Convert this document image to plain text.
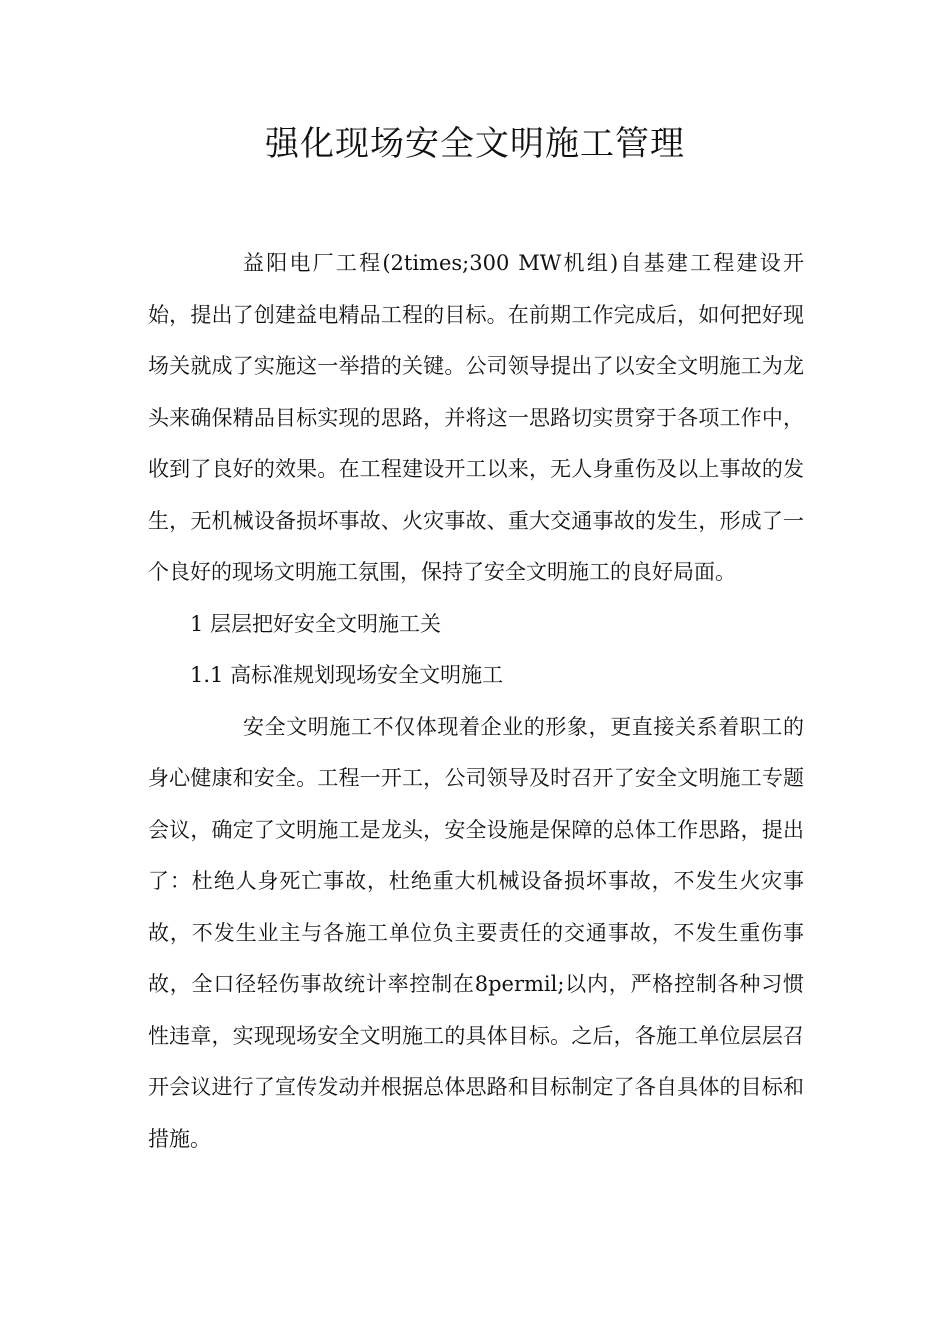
强化现场安全文明施工管理

益阳电厂工程(2times;300 MW机组)自基建工程建设开始，提出了创建益电精品工程的目标。在前期工作完成后，如何把好现场关就成了实施这一举措的关键。公司领导提出了以安全文明施工为龙头来确保精品目标实现的思路，并将这一思路切实贯穿于各项工作中，收到了良好的效果。在工程建设开工以来，无人身重伤及以上事故的发生，无机械设备损坏事故、火灾事故、重大交通事故的发生，形成了一个良好的现场文明施工氛围，保持了安全文明施工的良好局面。

1 层层把好安全文明施工关

1.1 高标准规划现场安全文明施工

安全文明施工不仅体现着企业的形象，更直接关系着职工的身心健康和安全。工程一开工，公司领导及时召开了安全文明施工专题会议，确定了文明施工是龙头，安全设施是保障的总体工作思路，提出了：杜绝人身死亡事故，杜绝重大机械设备损坏事故，不发生火灾事故，不发生业主与各施工单位负主要责任的交通事故，不发生重伤事故，全口径轻伤事故统计率控制在8permil;以内，严格控制各种习惯性违章，实现现场安全文明施工的具体目标。之后，各施工单位层层召开会议进行了宣传发动并根据总体思路和目标制定了各自具体的目标和措施。
